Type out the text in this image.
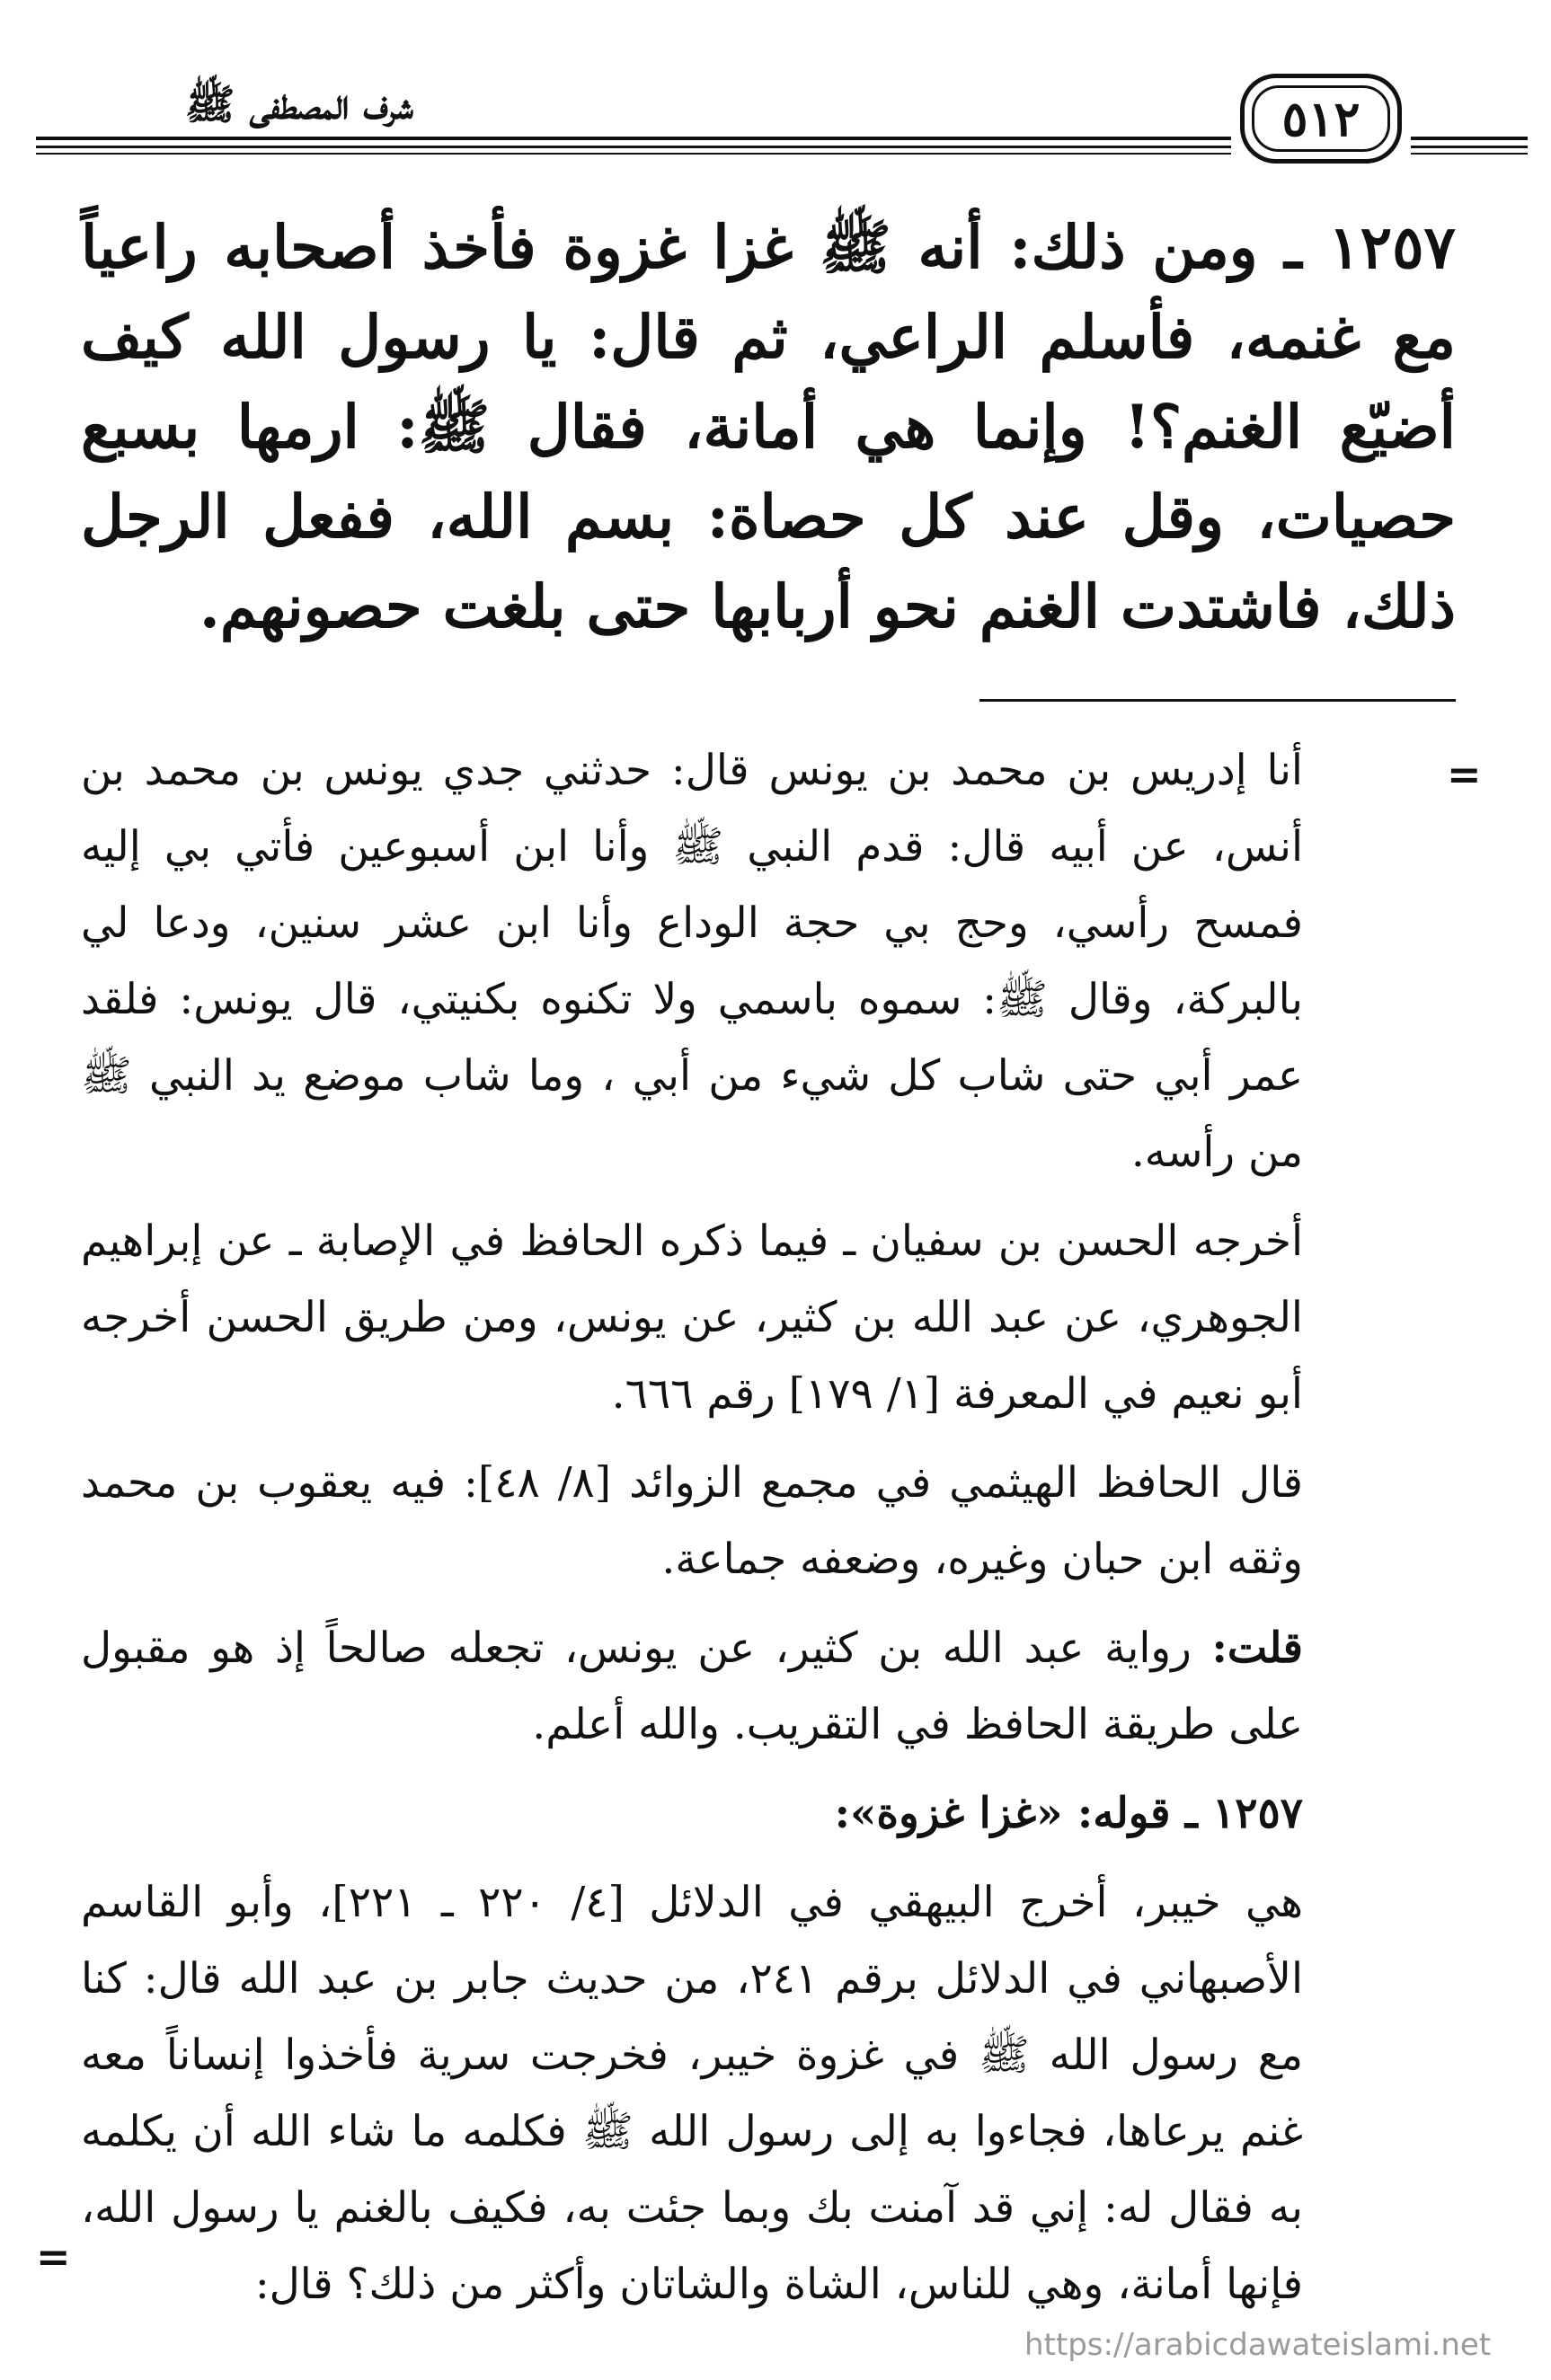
شرف المصطفى ﷺ	٥١٢

١٢٥٧ ـ ومن ذلك: أنه ﷺ غزا غزوة فأخذ أصحابه راعياً مع غنمه، فأسلم الراعي، ثم قال: يا رسول الله كيف أضيّع الغنم؟! وإنما هي أمانة، فقال ﷺ: ارمها بسبع حصيات، وقل عند كل حصاة: بسم الله، ففعل الرجل ذلك، فاشتدت الغنم نحو أربابها حتى بلغت حصونهم.

=

أنا إدريس بن محمد بن يونس قال: حدثني جدي يونس بن محمد بن أنس، عن أبيه قال: قدم النبي ﷺ وأنا ابن أسبوعين فأتي بي إليه فمسح رأسي، وحج بي حجة الوداع وأنا ابن عشر سنين، ودعا لي بالبركة، وقال ﷺ: سموه باسمي ولا تكنوه بكنيتي، قال يونس: فلقد عمر أبي حتى شاب كل شيء من أبي ، وما شاب موضع يد النبي ﷺ من رأسه.

أخرجه الحسن بن سفيان ـ فيما ذكره الحافظ في الإصابة ـ عن إبراهيم الجوهري، عن عبد الله بن كثير، عن يونس، ومن طريق الحسن أخرجه أبو نعيم في المعرفة [١/ ١٧٩] رقم ٦٦٦.

قال الحافظ الهيثمي في مجمع الزوائد [٨/ ٤٨]: فيه يعقوب بن محمد وثقه ابن حبان وغيره، وضعفه جماعة.

قلت: رواية عبد الله بن كثير، عن يونس، تجعله صالحاً إذ هو مقبول على طريقة الحافظ في التقريب. والله أعلم.

١٢٥٧ ـ قوله: «غزا غزوة»:

هي خيبر، أخرج البيهقي في الدلائل [٤/ ٢٢٠ ـ ٢٢١]، وأبو القاسم الأصبهاني في الدلائل برقم ٢٤١، من حديث جابر بن عبد الله قال: كنا مع رسول الله ﷺ في غزوة خيبر، فخرجت سرية فأخذوا إنساناً معه غنم يرعاها، فجاءوا به إلى رسول الله ﷺ فكلمه ما شاء الله أن يكلمه به فقال له: إني قد آمنت بك وبما جئت به، فكيف بالغنم يا رسول الله، فإنها أمانة، وهي للناس، الشاة والشاتان وأكثر من ذلك؟ قال:

=
https://arabicdawateislami.net
